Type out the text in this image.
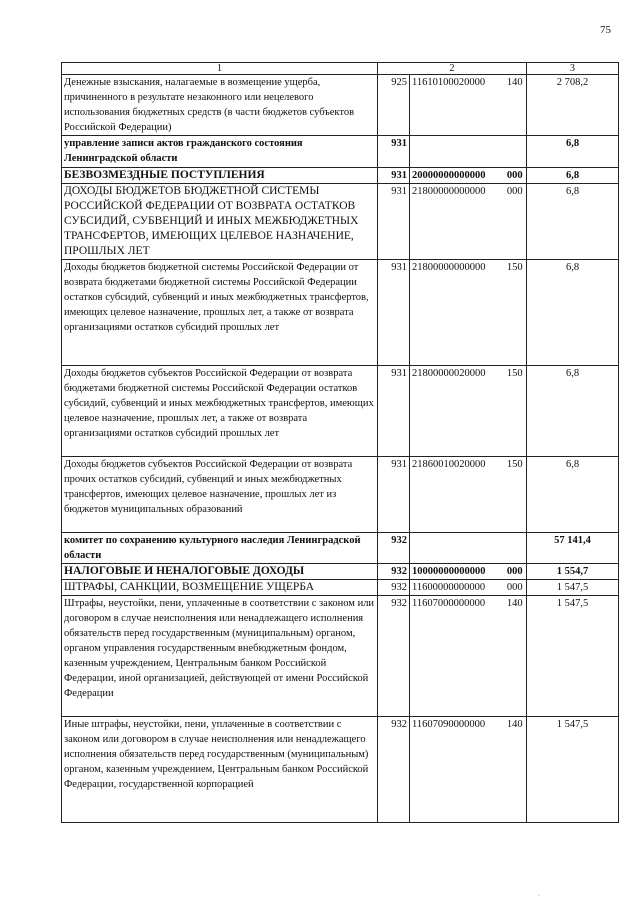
75
1	2			3
Денежные взыскания, налагаемые в возмещение ущерба, причиненного в результате незаконного или нецелевого использования бюджетных средств (в части бюджетов субъектов Российской Федерации)	925	11610100020000	140	2 708,2
управление записи актов гражданского состояния Ленинградской области	931			6,8
БЕЗВОЗМЕЗДНЫЕ ПОСТУПЛЕНИЯ	931	20000000000000	000	6,8
ДОХОДЫ БЮДЖЕТОВ БЮДЖЕТНОЙ СИСТЕМЫ РОССИЙСКОЙ ФЕДЕРАЦИИ ОТ ВОЗВРАТА ОСТАТКОВ СУБСИДИЙ, СУБВЕНЦИЙ И ИНЫХ МЕЖБЮДЖЕТНЫХ ТРАНСФЕРТОВ, ИМЕЮЩИХ ЦЕЛЕВОЕ НАЗНАЧЕНИЕ, ПРОШЛЫХ ЛЕТ	931	21800000000000	000	6,8
Доходы бюджетов бюджетной системы Российской Федерации от возврата бюджетами бюджетной системы Российской Федерации остатков субсидий, субвенций и иных межбюджетных трансфертов, имеющих целевое назначение, прошлых лет, а также от возврата организациями остатков субсидий прошлых лет	931	21800000000000	150	6,8
Доходы бюджетов субъектов Российской Федерации от возврата бюджетами бюджетной системы Российской Федерации остатков субсидий, субвенций и иных межбюджетных трансфертов, имеющих целевое назначение, прошлых лет, а также от возврата организациями остатков субсидий прошлых лет	931	21800000020000	150	6,8
Доходы бюджетов субъектов Российской Федерации от возврата прочих остатков субсидий, субвенций и иных межбюджетных трансфертов, имеющих целевое назначение, прошлых лет из бюджетов муниципальных образований	931	21860010020000	150	6,8
комитет по сохранению культурного наследия Ленинградской области	932			57 141,4
НАЛОГОВЫЕ И НЕНАЛОГОВЫЕ ДОХОДЫ	932	10000000000000	000	1 554,7
ШТРАФЫ, САНКЦИИ, ВОЗМЕЩЕНИЕ УЩЕРБА	932	11600000000000	000	1 547,5
Штрафы, неустойки, пени, уплаченные в соответствии с законом или договором в случае неисполнения или ненадлежащего исполнения обязательств перед государственным (муниципальным) органом, органом управления государственным внебюджетным фондом, казенным учреждением, Центральным банком Российской Федерации, иной организацией, действующей от имени Российской Федерации	932	11607000000000	140	1 547,5
Иные штрафы, неустойки, пени, уплаченные в соответствии с законом или договором в случае неисполнения или ненадлежащего исполнения обязательств перед государственным (муниципальным) органом, казенным учреждением, Центральным банком Российской Федерации, государственной корпорацией	932	11607090000000	140	1 547,5
·
